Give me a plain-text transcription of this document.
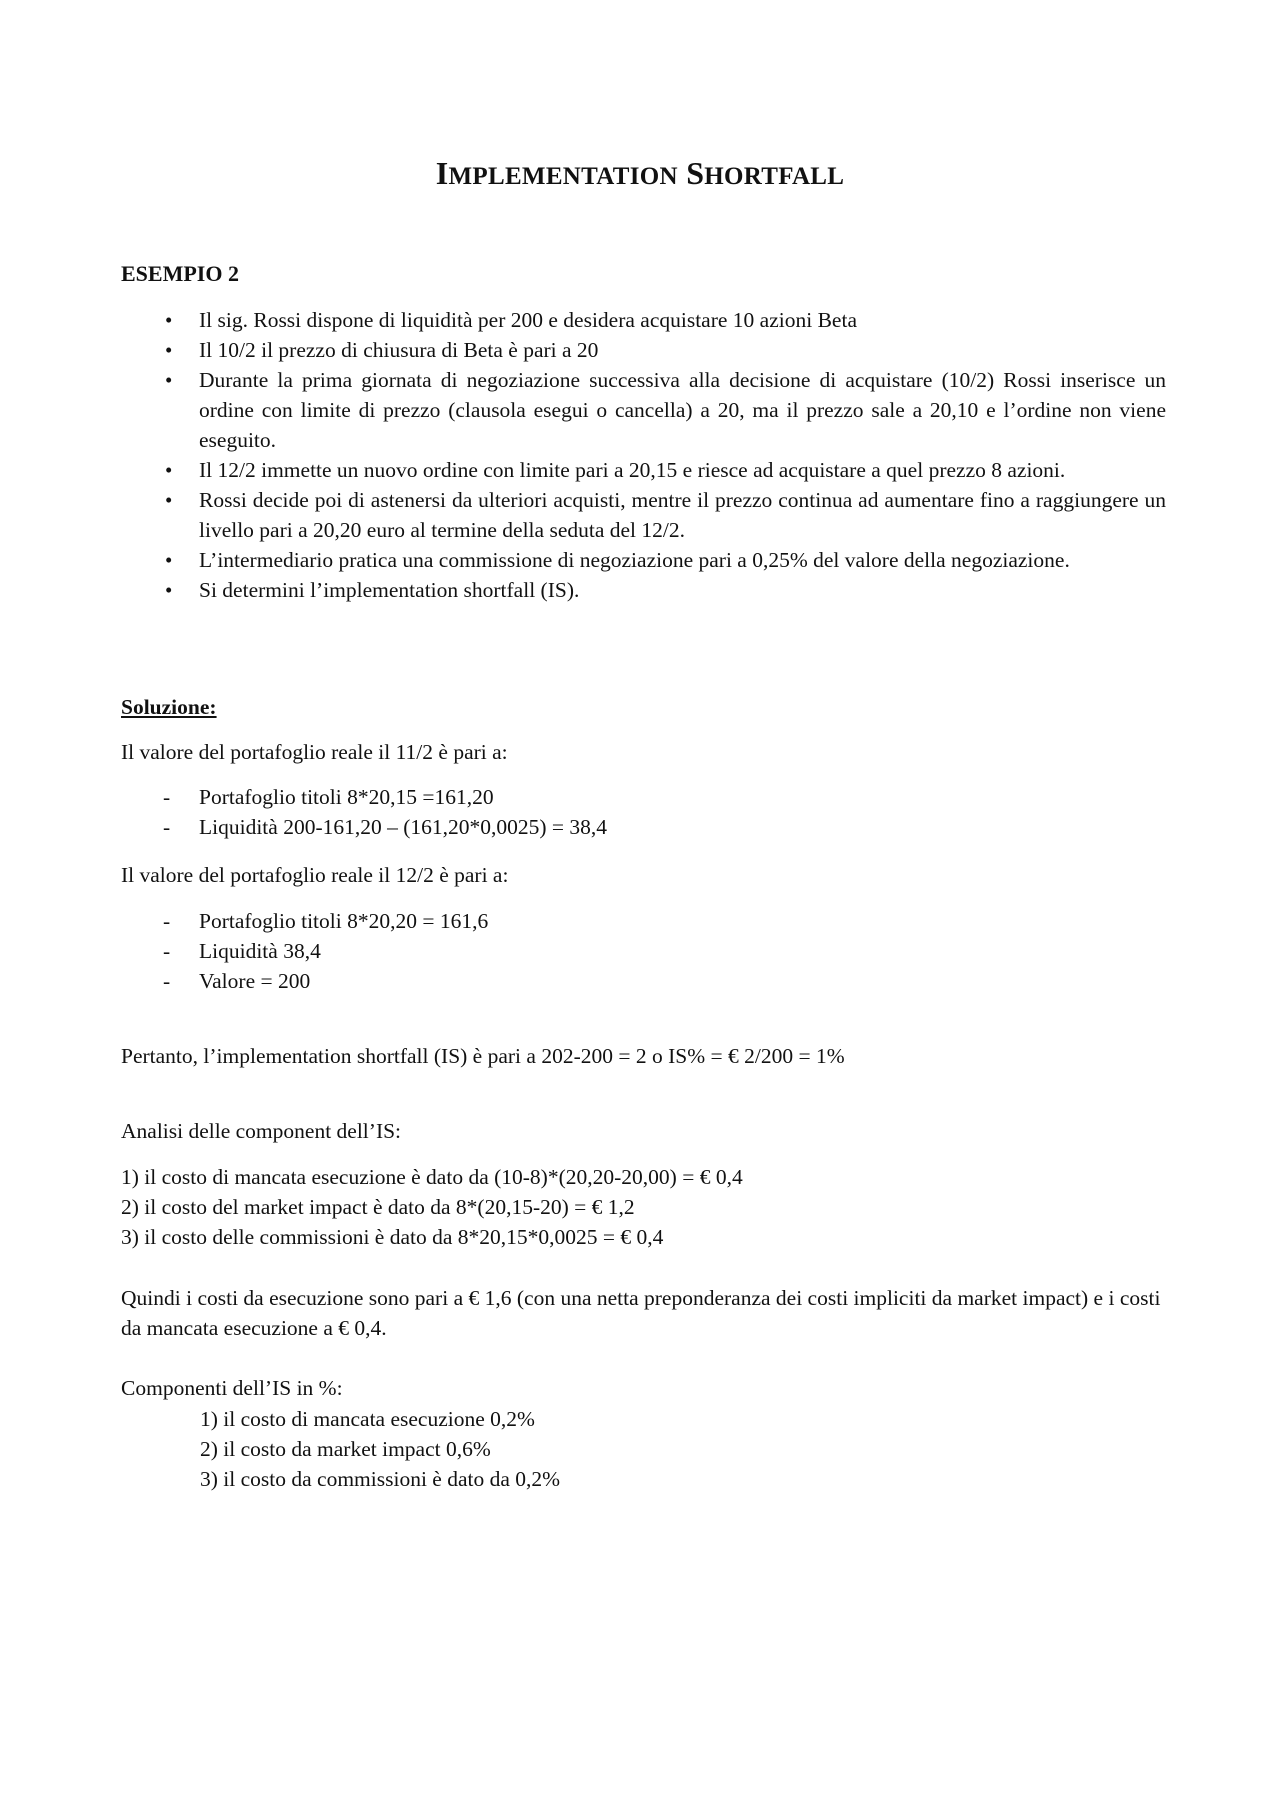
IMPLEMENTATION SHORTFALL

ESEMPIO 2

• Il sig. Rossi dispone di liquidità per 200 e desidera acquistare 10 azioni Beta
• Il 10/2 il prezzo di chiusura di Beta è pari a 20
• Durante la prima giornata di negoziazione successiva alla decisione di acquistare (10/2) Rossi inserisce un ordine con limite di prezzo (clausola esegui o cancella) a 20, ma il prezzo sale a 20,10 e l’ordine non viene eseguito.
• Il 12/2 immette un nuovo ordine con limite pari a 20,15 e riesce ad acquistare a quel prezzo 8 azioni.
• Rossi decide poi di astenersi da ulteriori acquisti, mentre il prezzo continua ad aumentare fino a raggiungere un livello pari a 20,20 euro al termine della seduta del 12/2.
• L’intermediario pratica una commissione di negoziazione pari a 0,25% del valore della negoziazione.
• Si determini l’implementation shortfall (IS).

Soluzione:

Il valore del portafoglio reale il 11/2 è pari a:

- Portafoglio titoli 8*20,15 =161,20
- Liquidità 200-161,20 – (161,20*0,0025) = 38,4

Il valore del portafoglio reale il 12/2 è pari a:

- Portafoglio titoli 8*20,20 = 161,6
- Liquidità 38,4
- Valore = 200

Pertanto, l’implementation shortfall (IS) è pari a 202-200 = 2 o IS% = € 2/200 = 1%

Analisi delle component dell’IS:

1) il costo di mancata esecuzione è dato da (10-8)*(20,20-20,00) = € 0,4
2) il costo del market impact è dato da 8*(20,15-20) = € 1,2
3) il costo delle commissioni è dato da 8*20,15*0,0025 = € 0,4

Quindi i costi da esecuzione sono pari a € 1,6 (con una netta preponderanza dei costi impliciti da market impact) e i costi da mancata esecuzione a € 0,4.

Componenti dell’IS in %:

1) il costo di mancata esecuzione 0,2%
2) il costo da market impact 0,6%
3) il costo da commissioni è dato da 0,2%
